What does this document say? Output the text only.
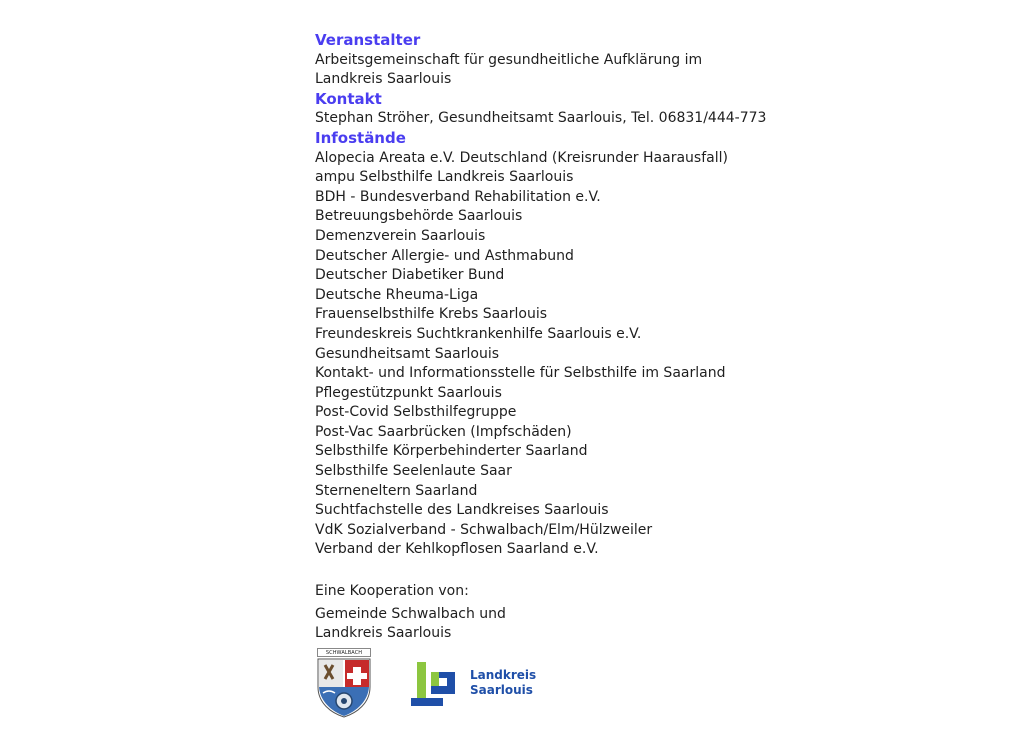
Veranstalter
Arbeitsgemeinschaft für gesundheitliche Aufklärung im Landkreis Saarlouis
Kontakt
Stephan Ströher, Gesundheitsamt Saarlouis, Tel. 06831/444-773
Infostände
Alopecia Areata e.V. Deutschland (Kreisrunder Haarausfall)
ampu Selbsthilfe Landkreis Saarlouis
BDH - Bundesverband Rehabilitation e.V.
Betreuungsbehörde Saarlouis
Demenzverein Saarlouis
Deutscher Allergie- und Asthmabund
Deutscher Diabetiker Bund
Deutsche Rheuma-Liga
Frauenselbsthilfe Krebs Saarlouis
Freundeskreis Suchtkrankenhilfe Saarlouis e.V.
Gesundheitsamt Saarlouis
Kontakt- und Informationsstelle für Selbsthilfe im Saarland
Pflegestützpunkt Saarlouis
Post-Covid Selbsthilfegruppe
Post-Vac Saarbrücken (Impfschäden)
Selbsthilfe Körperbehinderter Saarland
Selbsthilfe Seelenlaute Saar
Sterneneltern Saarland
Suchtfachstelle des Landkreises Saarlouis
VdK Sozialverband - Schwalbach/Elm/Hülzweiler
Verband der Kehlkopflosen Saarland e.V.
Eine Kooperation von:
Gemeinde Schwalbach und
Landkreis Saarlouis
SCHWALBACH
Landkreis
Saarlouis
